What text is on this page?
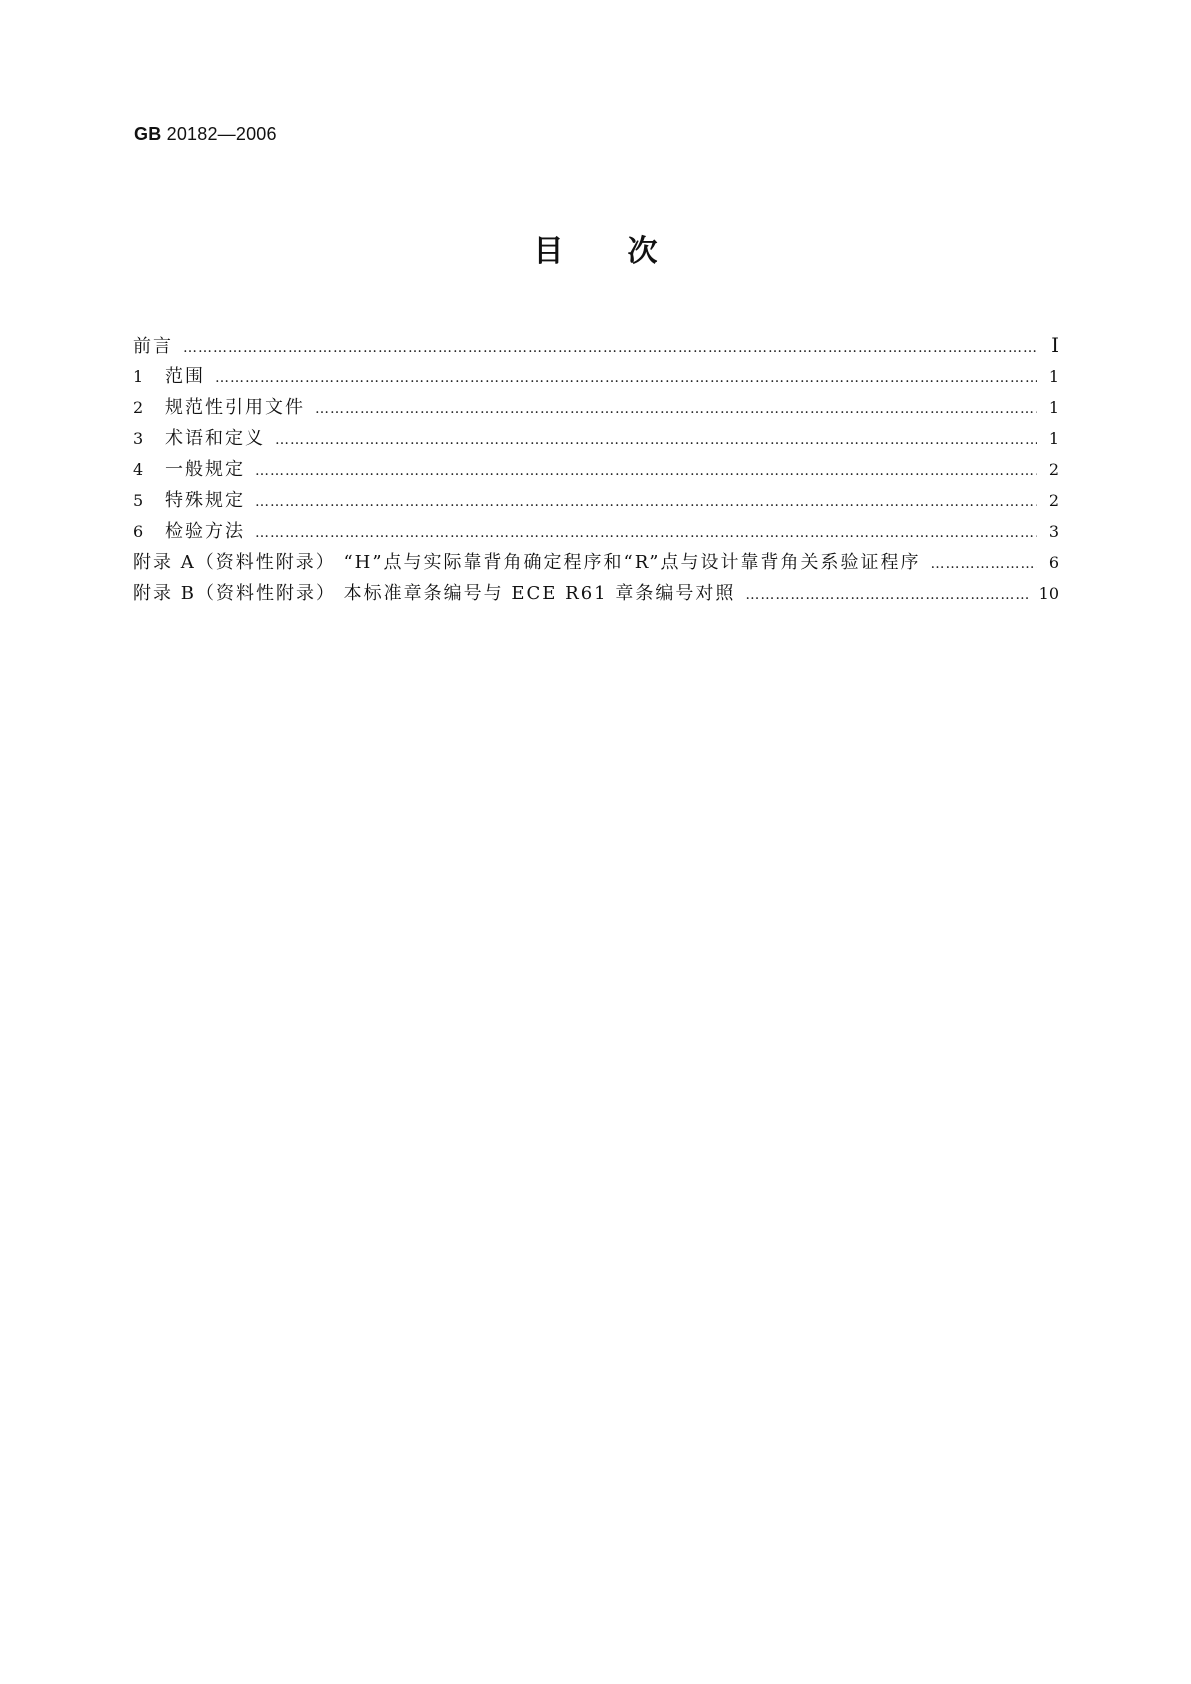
GB 20182—2006
目次
前言 ……………………………………………………………………………………………………………………………………………………………………………………	I
1	范围 ……………………………………………………………………………………………………………………………………………………………………………………	1
2	规范性引用文件 ……………………………………………………………………………………………………………………………………………………………………………………	1
3	术语和定义 ……………………………………………………………………………………………………………………………………………………………………………………	1
4	一般规定 ……………………………………………………………………………………………………………………………………………………………………………………	2
5	特殊规定 ……………………………………………………………………………………………………………………………………………………………………………………	2
6	检验方法 ……………………………………………………………………………………………………………………………………………………………………………………	3
附录 A（资料性附录） “H”点与实际靠背角确定程序和“R”点与设计靠背角关系验证程序 ……………………………………………………………………………………………………………………………………………………………………………………	6
附录 B（资料性附录） 本标准章条编号与 ECE R61 章条编号对照 ……………………………………………………………………………………………………………………………………………………………………………………	10
